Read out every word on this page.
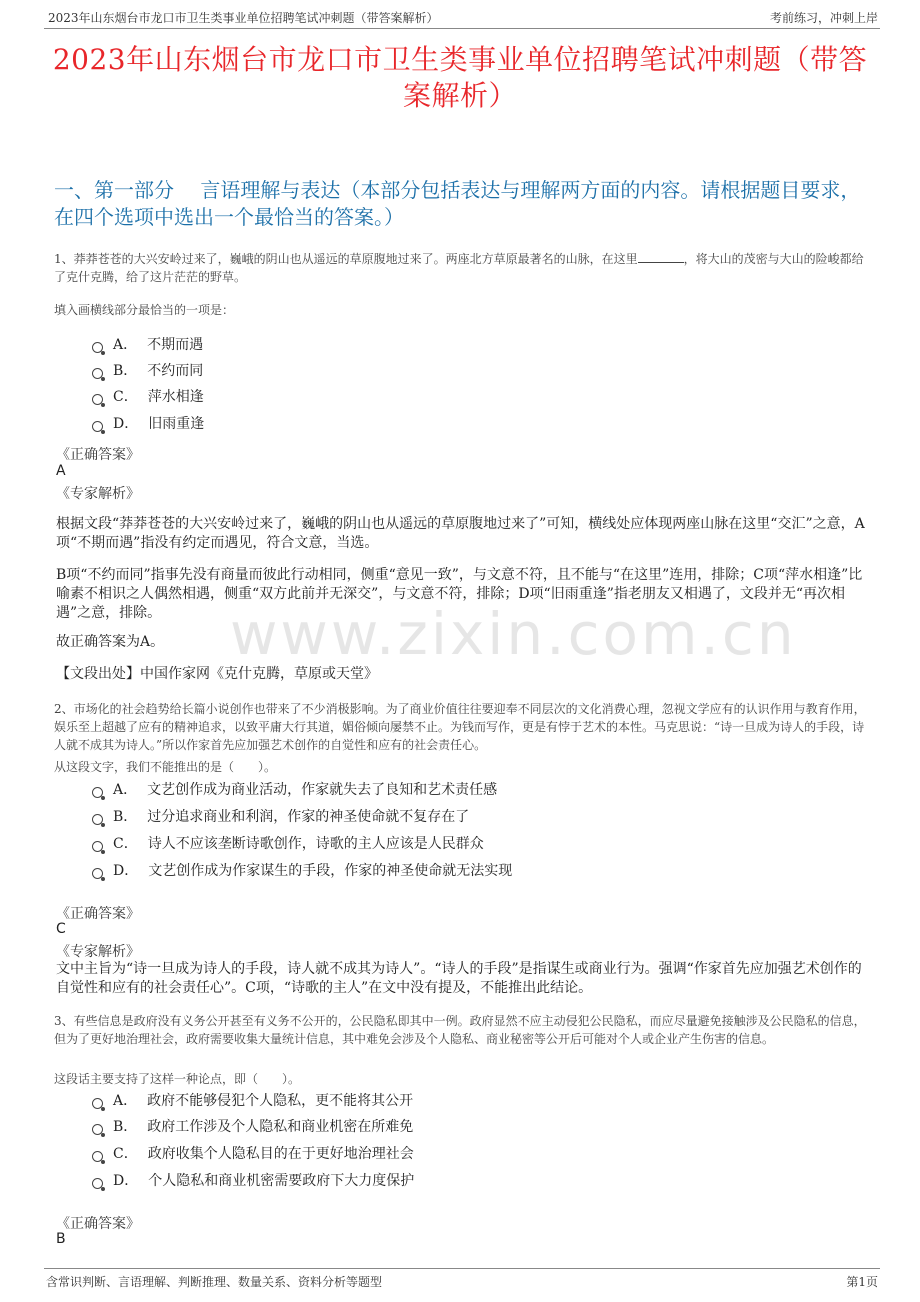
2023年山东烟台市龙口市卫生类事业单位招聘笔试冲刺题（带答案解析）	考前练习，冲刺上岸
2023年山东烟台市龙口市卫生类事业单位招聘笔试冲刺题（带答案解析）
一、第一部分　 言语理解与表达（本部分包括表达与理解两方面的内容。请根据题目要求，在四个选项中选出一个最恰当的答案。）
1、莽莽苍苍的大兴安岭过来了，巍峨的阴山也从遥远的草原腹地过来了。两座北方草原最著名的山脉，在这里	，将大山的茂密与大山的险峻都给了克什克腾，给了这片茫茫的野草。
填入画横线部分最恰当的一项是：
A． 不期而遇
B． 不约而同
C． 萍水相逢
D． 旧雨重逢
《正确答案》
A
《专家解析》
根据文段“莽莽苍苍的大兴安岭过来了，巍峨的阴山也从遥远的草原腹地过来了”可知，横线处应体现两座山脉在这里“交汇”之意，A项“不期而遇”指没有约定而遇见，符合文意，当选。
B项“不约而同”指事先没有商量而彼此行动相同，侧重“意见一致”，与文意不符，且不能与“在这里”连用，排除；C项“萍水相逢”比喻素不相识之人偶然相遇，侧重“双方此前并无深交”，与文意不符，排除；D项“旧雨重逢”指老朋友又相遇了，文段并无“再次相遇”之意，排除。
故正确答案为A。
【文段出处】中国作家网《克什克腾，草原或天堂》
www.zixin.com.cn
2、市场化的社会趋势给长篇小说创作也带来了不少消极影响。为了商业价值往往要迎奉不同层次的文化消费心理，忽视文学应有的认识作用与教育作用，娱乐至上超越了应有的精神追求，以致平庸大行其道，媚俗倾向屡禁不止。为钱而写作，更是有悖于艺术的本性。马克思说：“诗一旦成为诗人的手段，诗人就不成其为诗人。”所以作家首先应加强艺术创作的自觉性和应有的社会责任心。
从这段文字，我们不能推出的是（　　）。
A． 文艺创作成为商业活动，作家就失去了良知和艺术责任感
B． 过分追求商业和利润，作家的神圣使命就不复存在了
C． 诗人不应该垄断诗歌创作，诗歌的主人应该是人民群众
D． 文艺创作成为作家谋生的手段，作家的神圣使命就无法实现
《正确答案》
C
《专家解析》
文中主旨为“诗一旦成为诗人的手段，诗人就不成其为诗人”。“诗人的手段”是指谋生或商业行为。强调“作家首先应加强艺术创作的自觉性和应有的社会责任心”。C项，“诗歌的主人”在文中没有提及，不能推出此结论。
3、有些信息是政府没有义务公开甚至有义务不公开的，公民隐私即其中一例。政府显然不应主动侵犯公民隐私，而应尽量避免接触涉及公民隐私的信息，但为了更好地治理社会，政府需要收集大量统计信息，其中难免会涉及个人隐私、商业秘密等公开后可能对个人或企业产生伤害的信息。
这段话主要支持了这样一种论点，即（　　）。
A． 政府不能够侵犯个人隐私，更不能将其公开
B． 政府工作涉及个人隐私和商业机密在所难免
C． 政府收集个人隐私目的在于更好地治理社会
D． 个人隐私和商业机密需要政府下大力度保护
《正确答案》
B
含常识判断、言语理解、判断推理、数量关系、资料分析等题型	第1页
